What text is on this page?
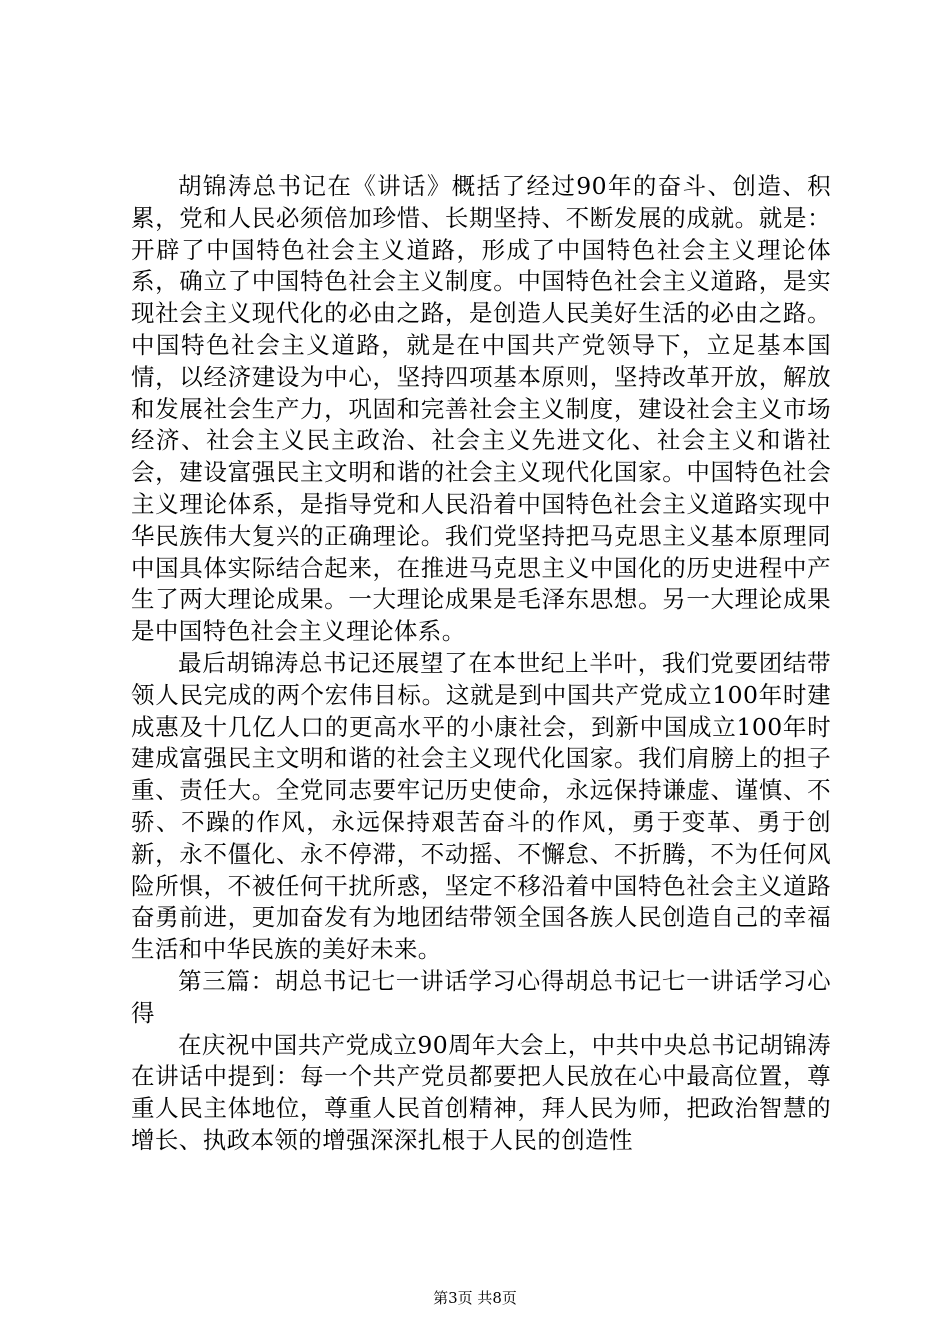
胡锦涛总书记在《讲话》概括了经过90年的奋斗、创造、积累，党和人民必须倍加珍惜、长期坚持、不断发展的成就。就是：开辟了中国特色社会主义道路，形成了中国特色社会主义理论体系，确立了中国特色社会主义制度。中国特色社会主义道路，是实现社会主义现代化的必由之路，是创造人民美好生活的必由之路。中国特色社会主义道路，就是在中国共产党领导下，立足基本国情，以经济建设为中心，坚持四项基本原则，坚持改革开放，解放和发展社会生产力，巩固和完善社会主义制度，建设社会主义市场经济、社会主义民主政治、社会主义先进文化、社会主义和谐社会，建设富强民主文明和谐的社会主义现代化国家。中国特色社会主义理论体系，是指导党和人民沿着中国特色社会主义道路实现中华民族伟大复兴的正确理论。我们党坚持把马克思主义基本原理同中国具体实际结合起来，在推进马克思主义中国化的历史进程中产生了两大理论成果。一大理论成果是毛泽东思想。另一大理论成果是中国特色社会主义理论体系。

最后胡锦涛总书记还展望了在本世纪上半叶，我们党要团结带领人民完成的两个宏伟目标。这就是到中国共产党成立100年时建成惠及十几亿人口的更高水平的小康社会，到新中国成立100年时建成富强民主文明和谐的社会主义现代化国家。我们肩膀上的担子重、责任大。全党同志要牢记历史使命，永远保持谦虚、谨慎、不骄、不躁的作风，永远保持艰苦奋斗的作风，勇于变革、勇于创新，永不僵化、永不停滞，不动摇、不懈怠、不折腾，不为任何风险所惧，不被任何干扰所惑，坚定不移沿着中国特色社会主义道路奋勇前进，更加奋发有为地团结带领全国各族人民创造自己的幸福生活和中华民族的美好未来。

第三篇：胡总书记七一讲话学习心得胡总书记七一讲话学习心得

在庆祝中国共产党成立90周年大会上，中共中央总书记胡锦涛在讲话中提到：每一个共产党员都要把人民放在心中最高位置，尊重人民主体地位，尊重人民首创精神，拜人民为师，把政治智慧的增长、执政本领的增强深深扎根于人民的创造性

第3页 共8页
